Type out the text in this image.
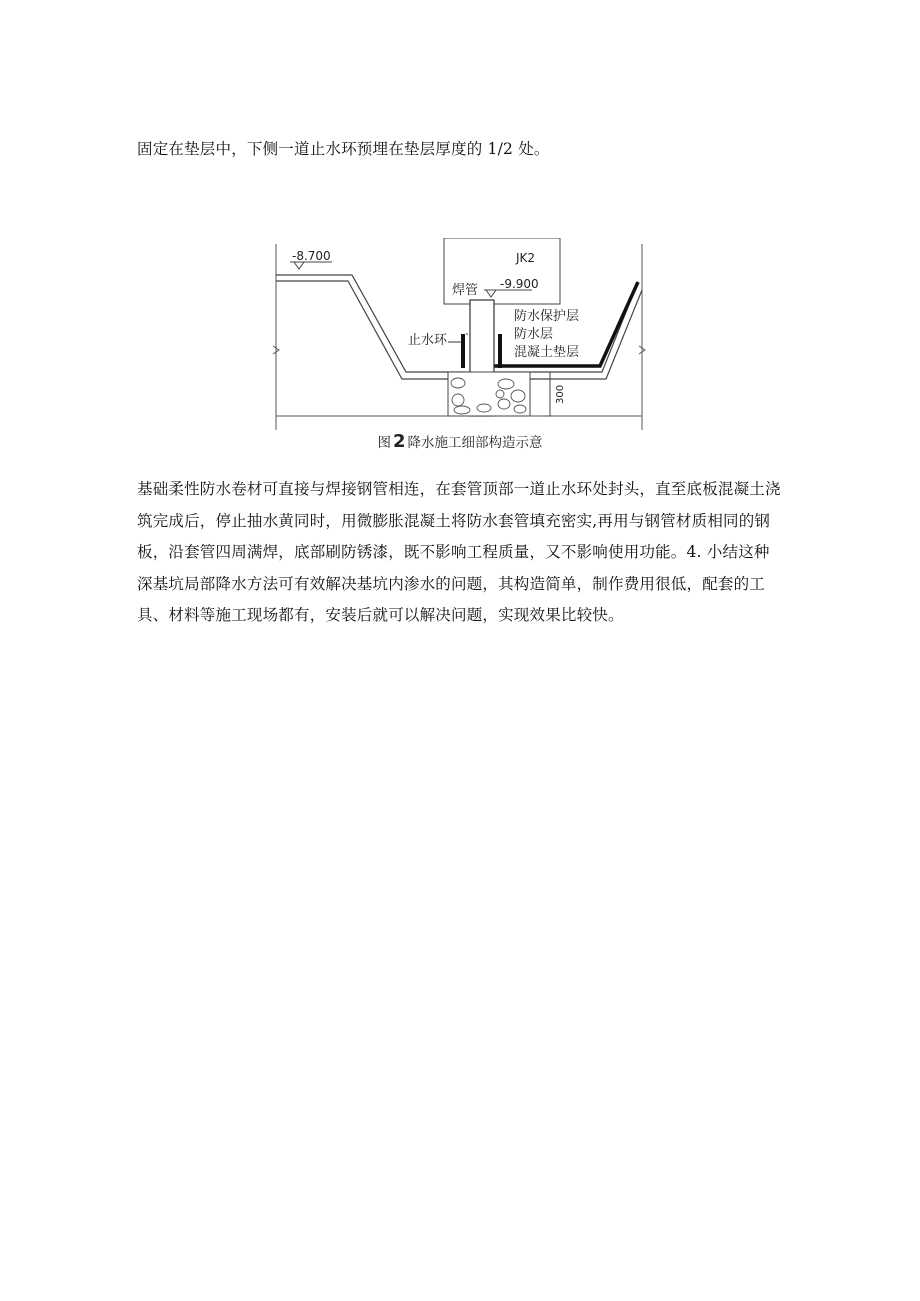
固定在垫层中，下侧一道止水环预埋在垫层厚度的 1/2 处。

-8.700	JK2
-9.900
焊管
止水环
防水保护层
防水层
混凝土垫层
300
图 2 降水施工细部构造示意

基础柔性防水卷材可直接与焊接钢管相连，在套管顶部一道止水环处封头，直至底板混凝土浇筑完成后，停止抽水黄同时，用微膨胀混凝土将防水套管填充密实,再用与钢管材质相同的钢板，沿套管四周满焊，底部刷防锈漆，既不影响工程质量，又不影响使用功能。4. 小结这种深基坑局部降水方法可有效解决基坑内渗水的问题，其构造简单，制作费用很低，配套的工具、材料等施工现场都有，安装后就可以解决问题，实现效果比较快。
